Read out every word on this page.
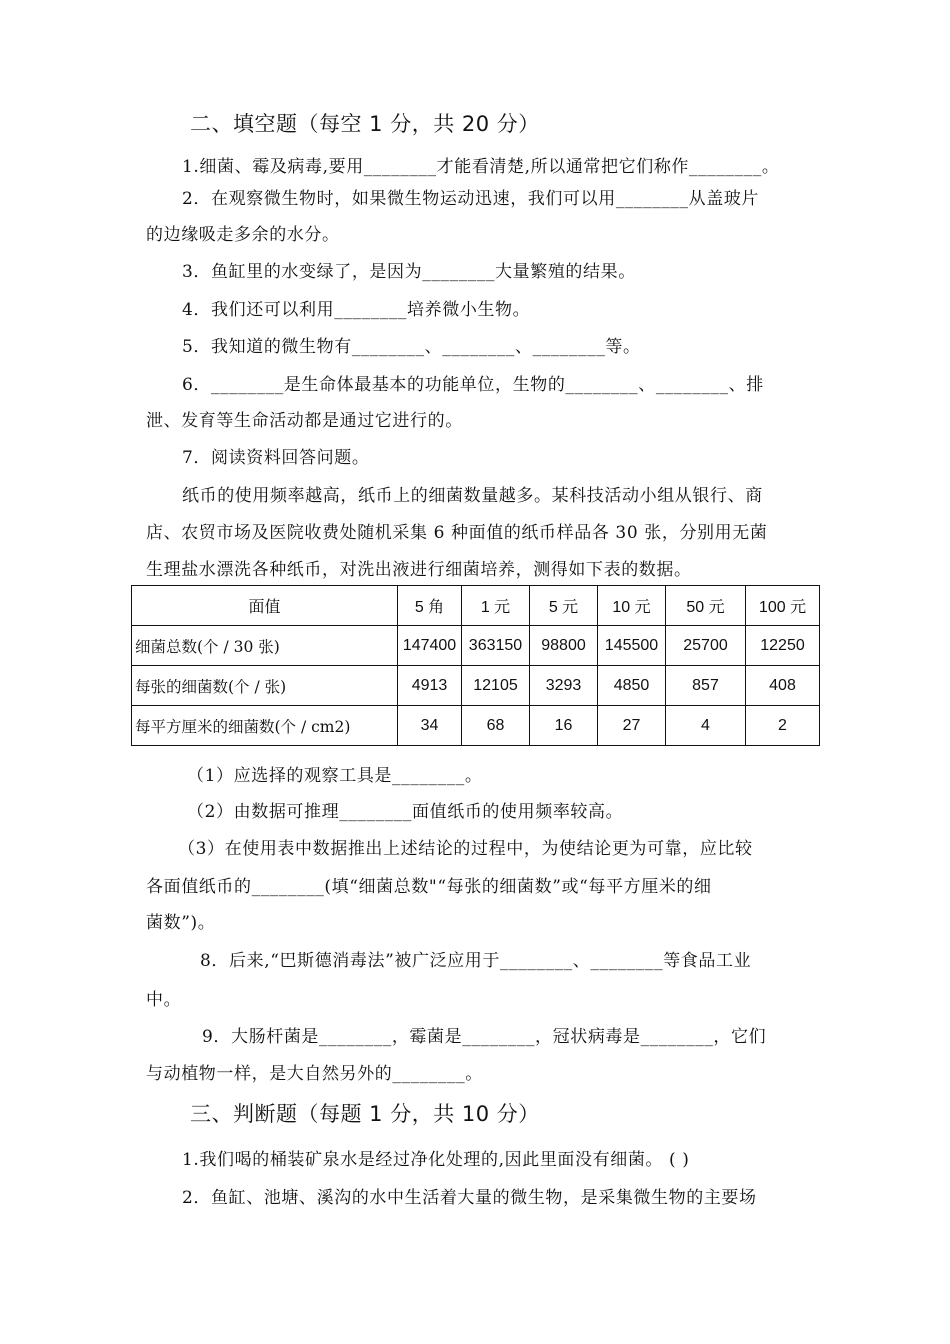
二、填空题（每空 1 分，共 20 分）
1.细菌、霉及病毒,要用________才能看清楚,所以通常把它们称作________。
2．在观察微生物时，如果微生物运动迅速，我们可以用________从盖玻片
的边缘吸走多余的水分。
3．鱼缸里的水变绿了，是因为________大量繁殖的结果。
4．我们还可以利用________培养微小生物。
5．我知道的微生物有________、________、________等。
6．________是生命体最基本的功能单位，生物的________、________、排
泄、发育等生命活动都是通过它进行的。
7．阅读资料回答问题。
纸币的使用频率越高，纸币上的细菌数量越多。某科技活动小组从银行、商
店、农贸市场及医院收费处随机采集 6 种面值的纸币样品各 30 张，分别用无菌
生理盐水漂洗各种纸币，对洗出液进行细菌培养，测得如下表的数据。
面值	5 角	1 元	5 元	10 元	50 元	100 元
细菌总数(个 / 30 张)	147400	363150	98800	145500	25700	12250
每张的细菌数(个 / 张)	4913	12105	3293	4850	857	408
每平方厘米的细菌数(个 / cm2)	34	68	16	27	4	2
（1）应选择的观察工具是________。
（2）由数据可推理________面值纸币的使用频率较高。
（3）在使用表中数据推出上述结论的过程中，为使结论更为可靠，应比较
各面值纸币的________(填“细菌总数"“每张的细菌数”或“每平方厘米的细
菌数”)。
8．后来,“巴斯德消毒法”被广泛应用于________、________等食品工业
中。
9．大肠杆菌是________，霉菌是________，冠状病毒是________，它们
与动植物一样，是大自然另外的________。
三、判断题（每题 1 分，共 10 分）
1.我们喝的桶装矿泉水是经过净化处理的,因此里面没有细菌。 ( )
2．鱼缸、池塘、溪沟的水中生活着大量的微生物，是采集微生物的主要场
